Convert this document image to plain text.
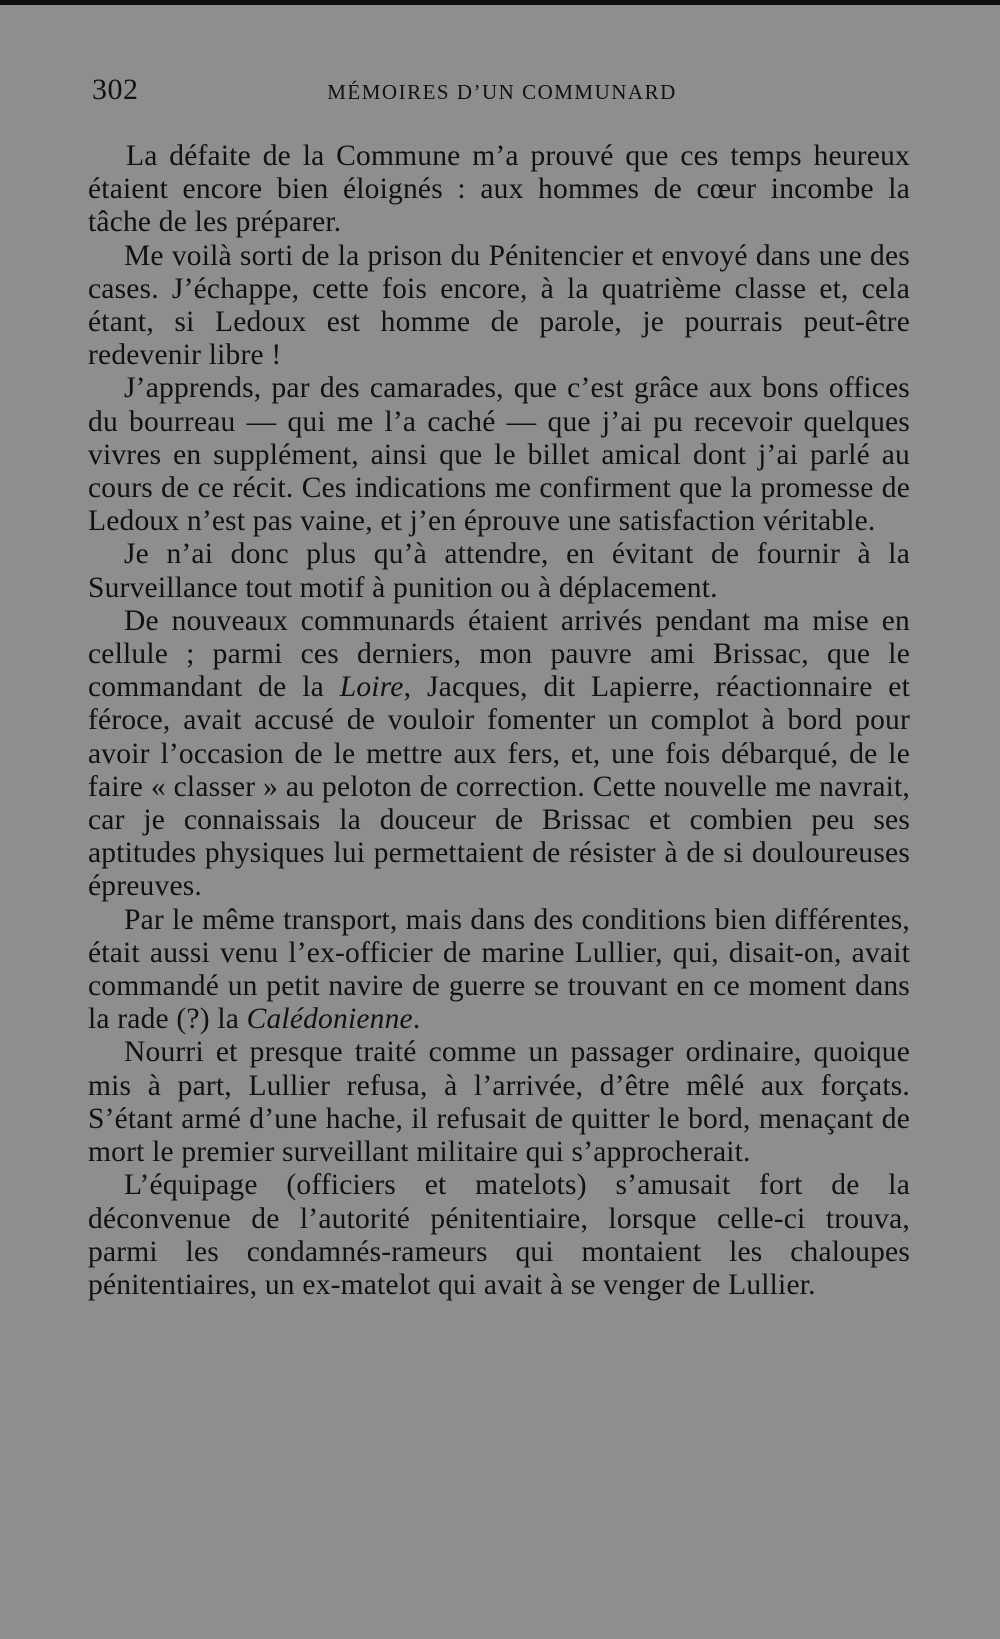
302	MÉMOIRES D’UN COMMUNARD

La défaite de la Commune m’a prouvé que ces temps heureux étaient encore bien éloignés : aux hommes de cœur incombe la tâche de les préparer.

Me voilà sorti de la prison du Pénitencier et envoyé dans une des cases. J’échappe, cette fois encore, à la quatrième classe et, cela étant, si Ledoux est homme de parole, je pourrais peut-être redevenir libre !

J’apprends, par des camarades, que c’est grâce aux bons offices du bourreau — qui me l’a caché — que j’ai pu recevoir quelques vivres en supplément, ainsi que le billet amical dont j’ai parlé au cours de ce récit. Ces indications me confirment que la promesse de Ledoux n’est pas vaine, et j’en éprouve une satisfaction véritable.

Je n’ai donc plus qu’à attendre, en évitant de fournir à la Surveillance tout motif à punition ou à déplacement.

De nouveaux communards étaient arrivés pendant ma mise en cellule ; parmi ces derniers, mon pauvre ami Brissac, que le commandant de la Loire, Jacques, dit Lapierre, réactionnaire et féroce, avait accusé de vouloir fomenter un complot à bord pour avoir l’occasion de le mettre aux fers, et, une fois débarqué, de le faire « classer » au peloton de correction. Cette nouvelle me navrait, car je connaissais la douceur de Brissac et combien peu ses aptitudes physiques lui permettaient de résister à de si douloureuses épreuves.

Par le même transport, mais dans des conditions bien différentes, était aussi venu l’ex-officier de marine Lullier, qui, disait-on, avait commandé un petit navire de guerre se trouvant en ce moment dans la rade (?) la Calédonienne.

Nourri et presque traité comme un passager ordinaire, quoique mis à part, Lullier refusa, à l’arrivée, d’être mêlé aux forçats. S’étant armé d’une hache, il refusait de quitter le bord, menaçant de mort le premier surveillant militaire qui s’approcherait.

L’équipage (officiers et matelots) s’amusait fort de la déconvenue de l’autorité pénitentiaire, lorsque celle-ci trouva, parmi les condamnés-rameurs qui montaient les chaloupes pénitentiaires, un ex-matelot qui avait à se venger de Lullier.
